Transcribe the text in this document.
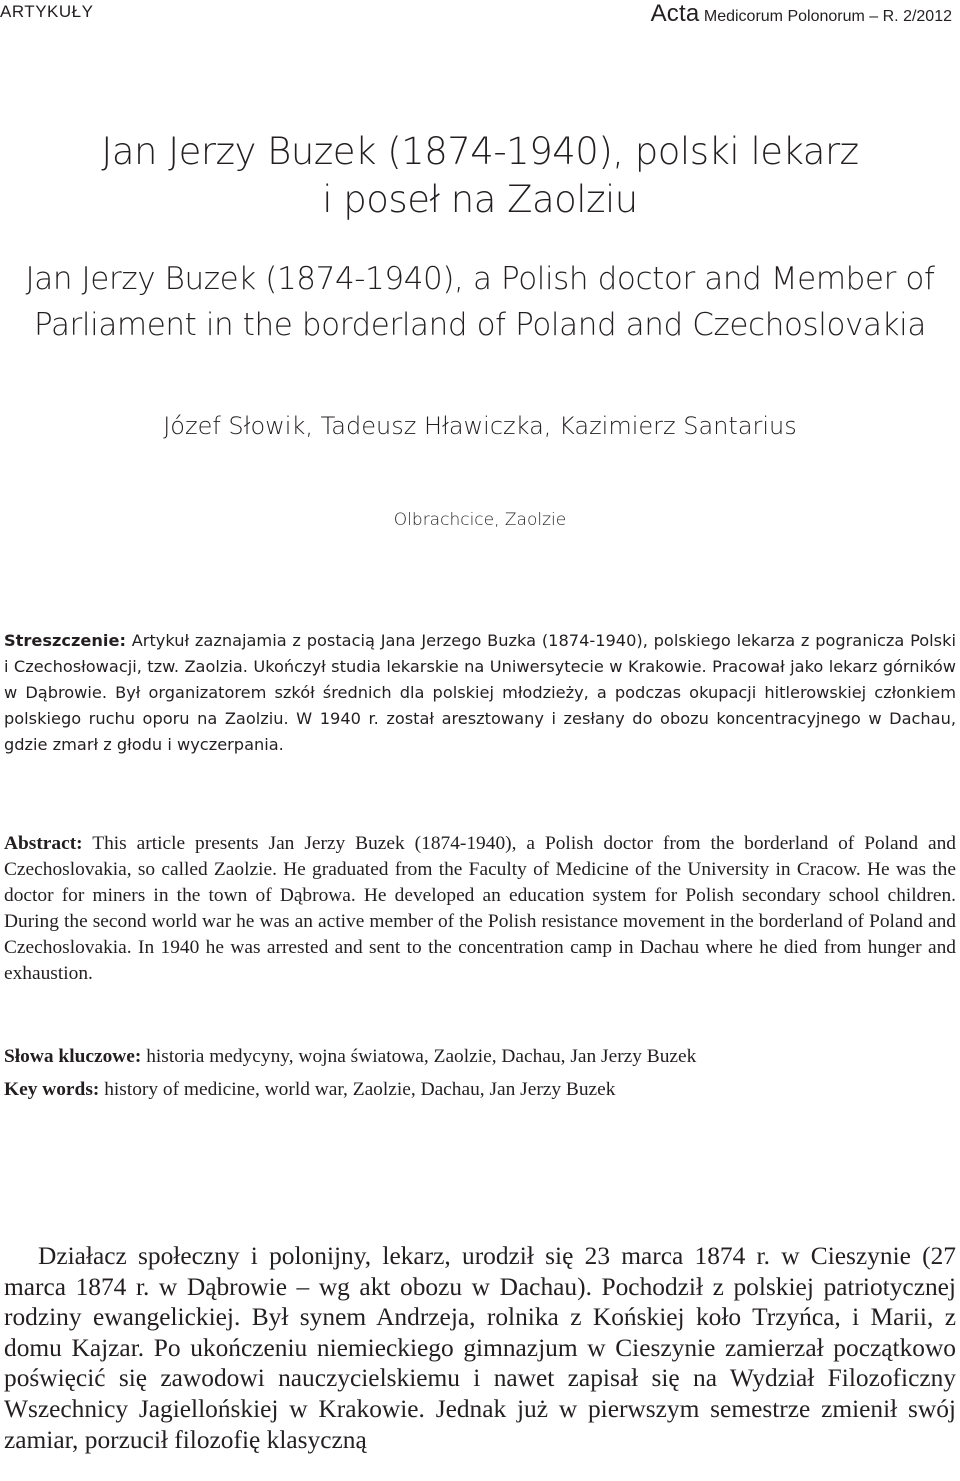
ARTYKUŁY	Acta Medicorum Polonorum – R. 2/2012
Jan Jerzy Buzek (1874-1940), polski lekarz
i poseł na Zaolziu
Jan Jerzy Buzek (1874-1940), a Polish doctor and Member of
Parliament in the borderland of Poland and Czechoslovakia
Józef Słowik, Tadeusz Hławiczka, Kazimierz Santarius
Olbrachcice, Zaolzie
Streszczenie: Artykuł zaznajamia z postacią Jana Jerzego Buzka (1874-1940), polskiego lekarza z pogranicza Polski i Czechosłowacji, tzw. Zaolzia. Ukończył studia lekarskie na Uniwersytecie w Krakowie. Pracował jako lekarz górników w Dąbrowie. Był organizatorem szkół średnich dla polskiej młodzieży, a podczas okupacji hitlerowskiej członkiem polskiego ruchu oporu na Zaolziu. W 1940 r. został aresztowany i zesłany do obozu koncentracyjnego w Dachau, gdzie zmarł z głodu i wyczerpania.
Abstract: This article presents Jan Jerzy Buzek (1874-1940), a Polish doctor from the borderland of Poland and Czechoslovakia, so called Zaolzie. He graduated from the Faculty of Medicine of the University in Cracow. He was the doctor for miners in the town of Dąbrowa. He developed an education system for Polish secondary school children. During the second world war he was an active member of the Polish resistance movement in the borderland of Poland and Czechoslovakia. In 1940 he was arrested and sent to the concentration camp in Dachau where he died from hunger and exhaustion.
Słowa kluczowe: historia medycyny, wojna światowa, Zaolzie, Dachau, Jan Jerzy Buzek
Key words: history of medicine, world war, Zaolzie, Dachau, Jan Jerzy Buzek
Działacz społeczny i polonijny, lekarz, urodził się 23 marca 1874 r. w Cieszynie (27 marca 1874 r. w Dąbrowie – wg akt obozu w Dachau). Pochodził z polskiej patriotycznej rodziny ewangelickiej. Był synem Andrzeja, rolnika z Końskiej koło Trzyńca, i Marii, z domu Kajzar. Po ukończeniu niemieckiego gimnazjum w Cieszynie zamierzał początkowo poświęcić się zawodowi nauczycielskiemu i nawet zapisał się na Wydział Filozoficzny Wszechnicy Jagiellońskiej w Krakowie. Jednak już w pierwszym semestrze zmienił swój zamiar, porzucił filozofię klasyczną
